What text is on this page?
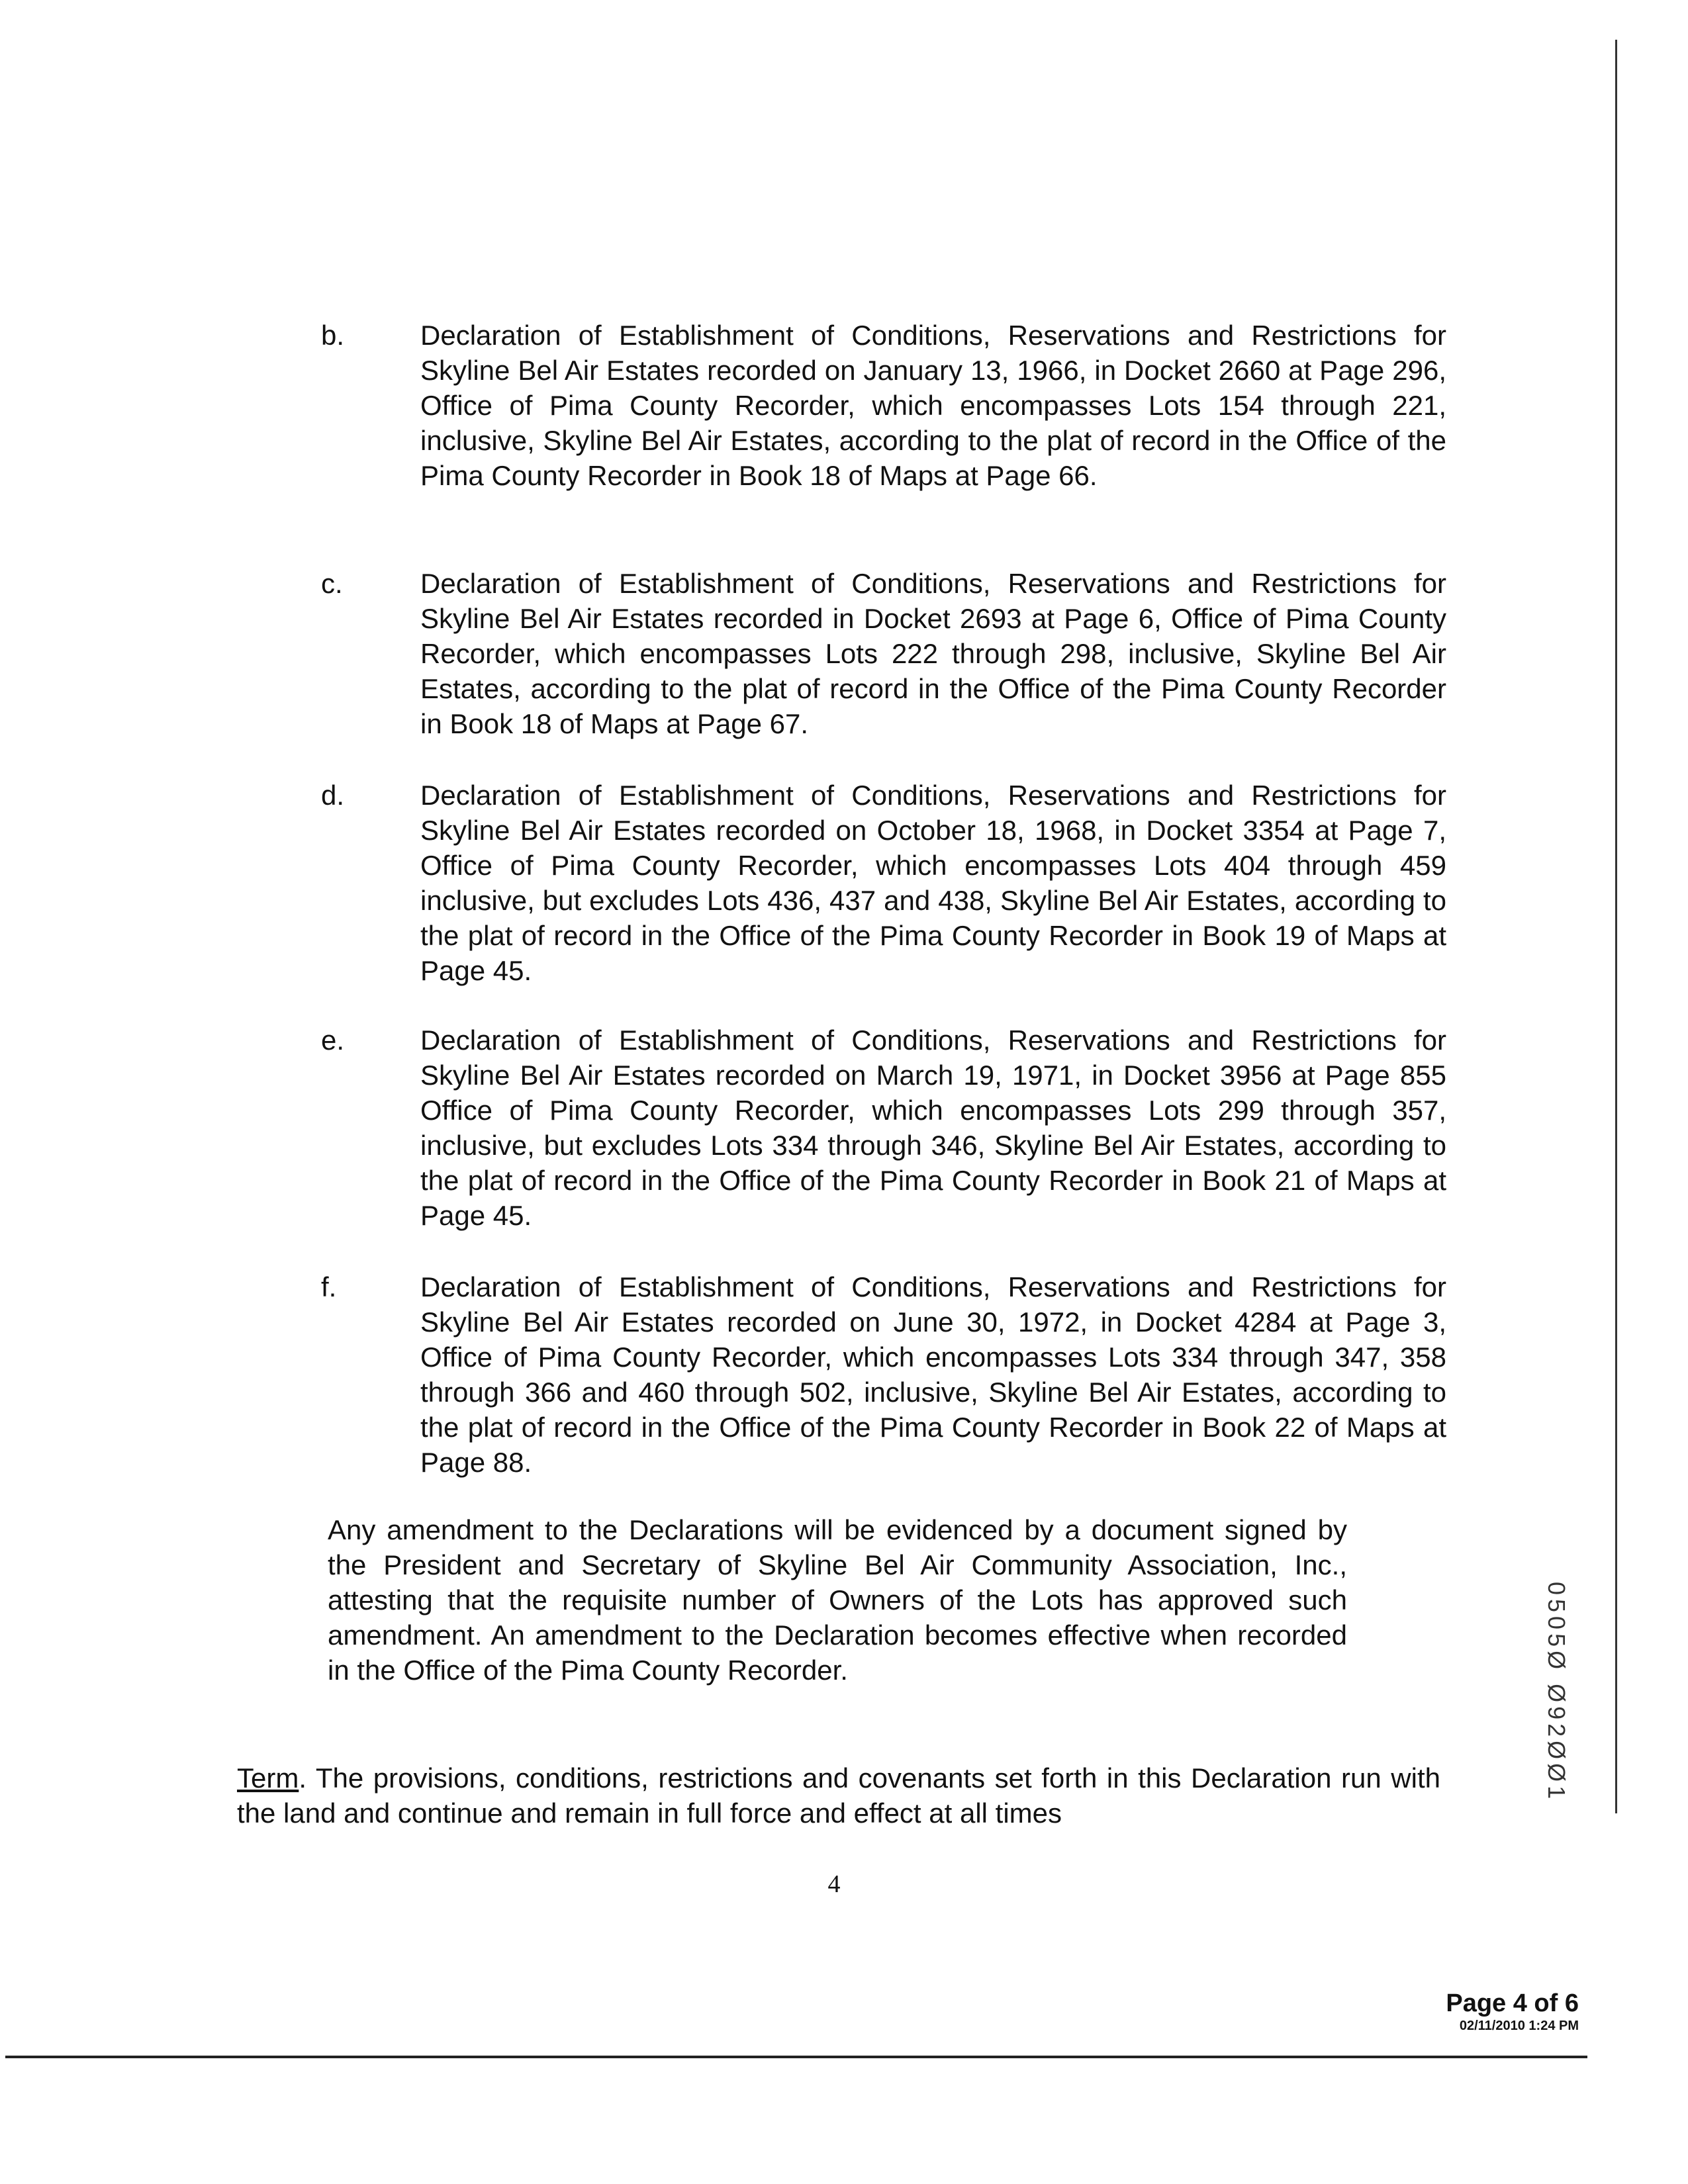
b.	Declaration of Establishment of Conditions, Reservations and Restrictions for Skyline Bel Air Estates recorded on January 13, 1966, in Docket 2660 at Page 296, Office of Pima County Recorder, which encompasses Lots 154 through 221, inclusive, Skyline Bel Air Estates, according to the plat of record in the Office of the Pima County Recorder in Book 18 of Maps at Page 66.
c.	Declaration of Establishment of Conditions, Reservations and Restrictions for Skyline Bel Air Estates recorded in Docket 2693 at Page 6, Office of Pima County Recorder, which encompasses Lots 222 through 298, inclusive, Skyline Bel Air Estates, according to the plat of record in the Office of the Pima County Recorder in Book 18 of Maps at Page 67.
d.	Declaration of Establishment of Conditions, Reservations and Restrictions for Skyline Bel Air Estates recorded on October 18, 1968, in Docket 3354 at Page 7, Office of Pima County Recorder, which encompasses Lots 404 through 459 inclusive, but excludes Lots 436, 437 and 438, Skyline Bel Air Estates, according to the plat of record in the Office of the Pima County Recorder in Book 19 of Maps at Page 45.
e.	Declaration of Establishment of Conditions, Reservations and Restrictions for Skyline Bel Air Estates recorded on March 19, 1971, in Docket 3956 at Page 855 Office of Pima County Recorder, which encompasses Lots 299 through 357, inclusive, but excludes Lots 334 through 346, Skyline Bel Air Estates, according to the plat of record in the Office of the Pima County Recorder in Book 21 of Maps at Page 45.
f.	Declaration of Establishment of Conditions, Reservations and Restrictions for Skyline Bel Air Estates recorded on June 30, 1972, in Docket 4284 at Page 3, Office of Pima County Recorder, which encompasses Lots 334 through 347, 358 through 366 and 460 through 502, inclusive, Skyline Bel Air Estates, according to the plat of record in the Office of the Pima County Recorder in Book 22 of Maps at Page 88.
Any amendment to the Declarations will be evidenced by a document signed by the President and Secretary of Skyline Bel Air Community Association, Inc., attesting that the requisite number of Owners of the Lots has approved such amendment. An amendment to the Declaration becomes effective when recorded in the Office of the Pima County Recorder.
Term. The provisions, conditions, restrictions and covenants set forth in this Declaration run with the land and continue and remain in full force and effect at all times
4
0505Ø Ø92ØØ1
Page 4 of 6
02/11/2010 1:24 PM
